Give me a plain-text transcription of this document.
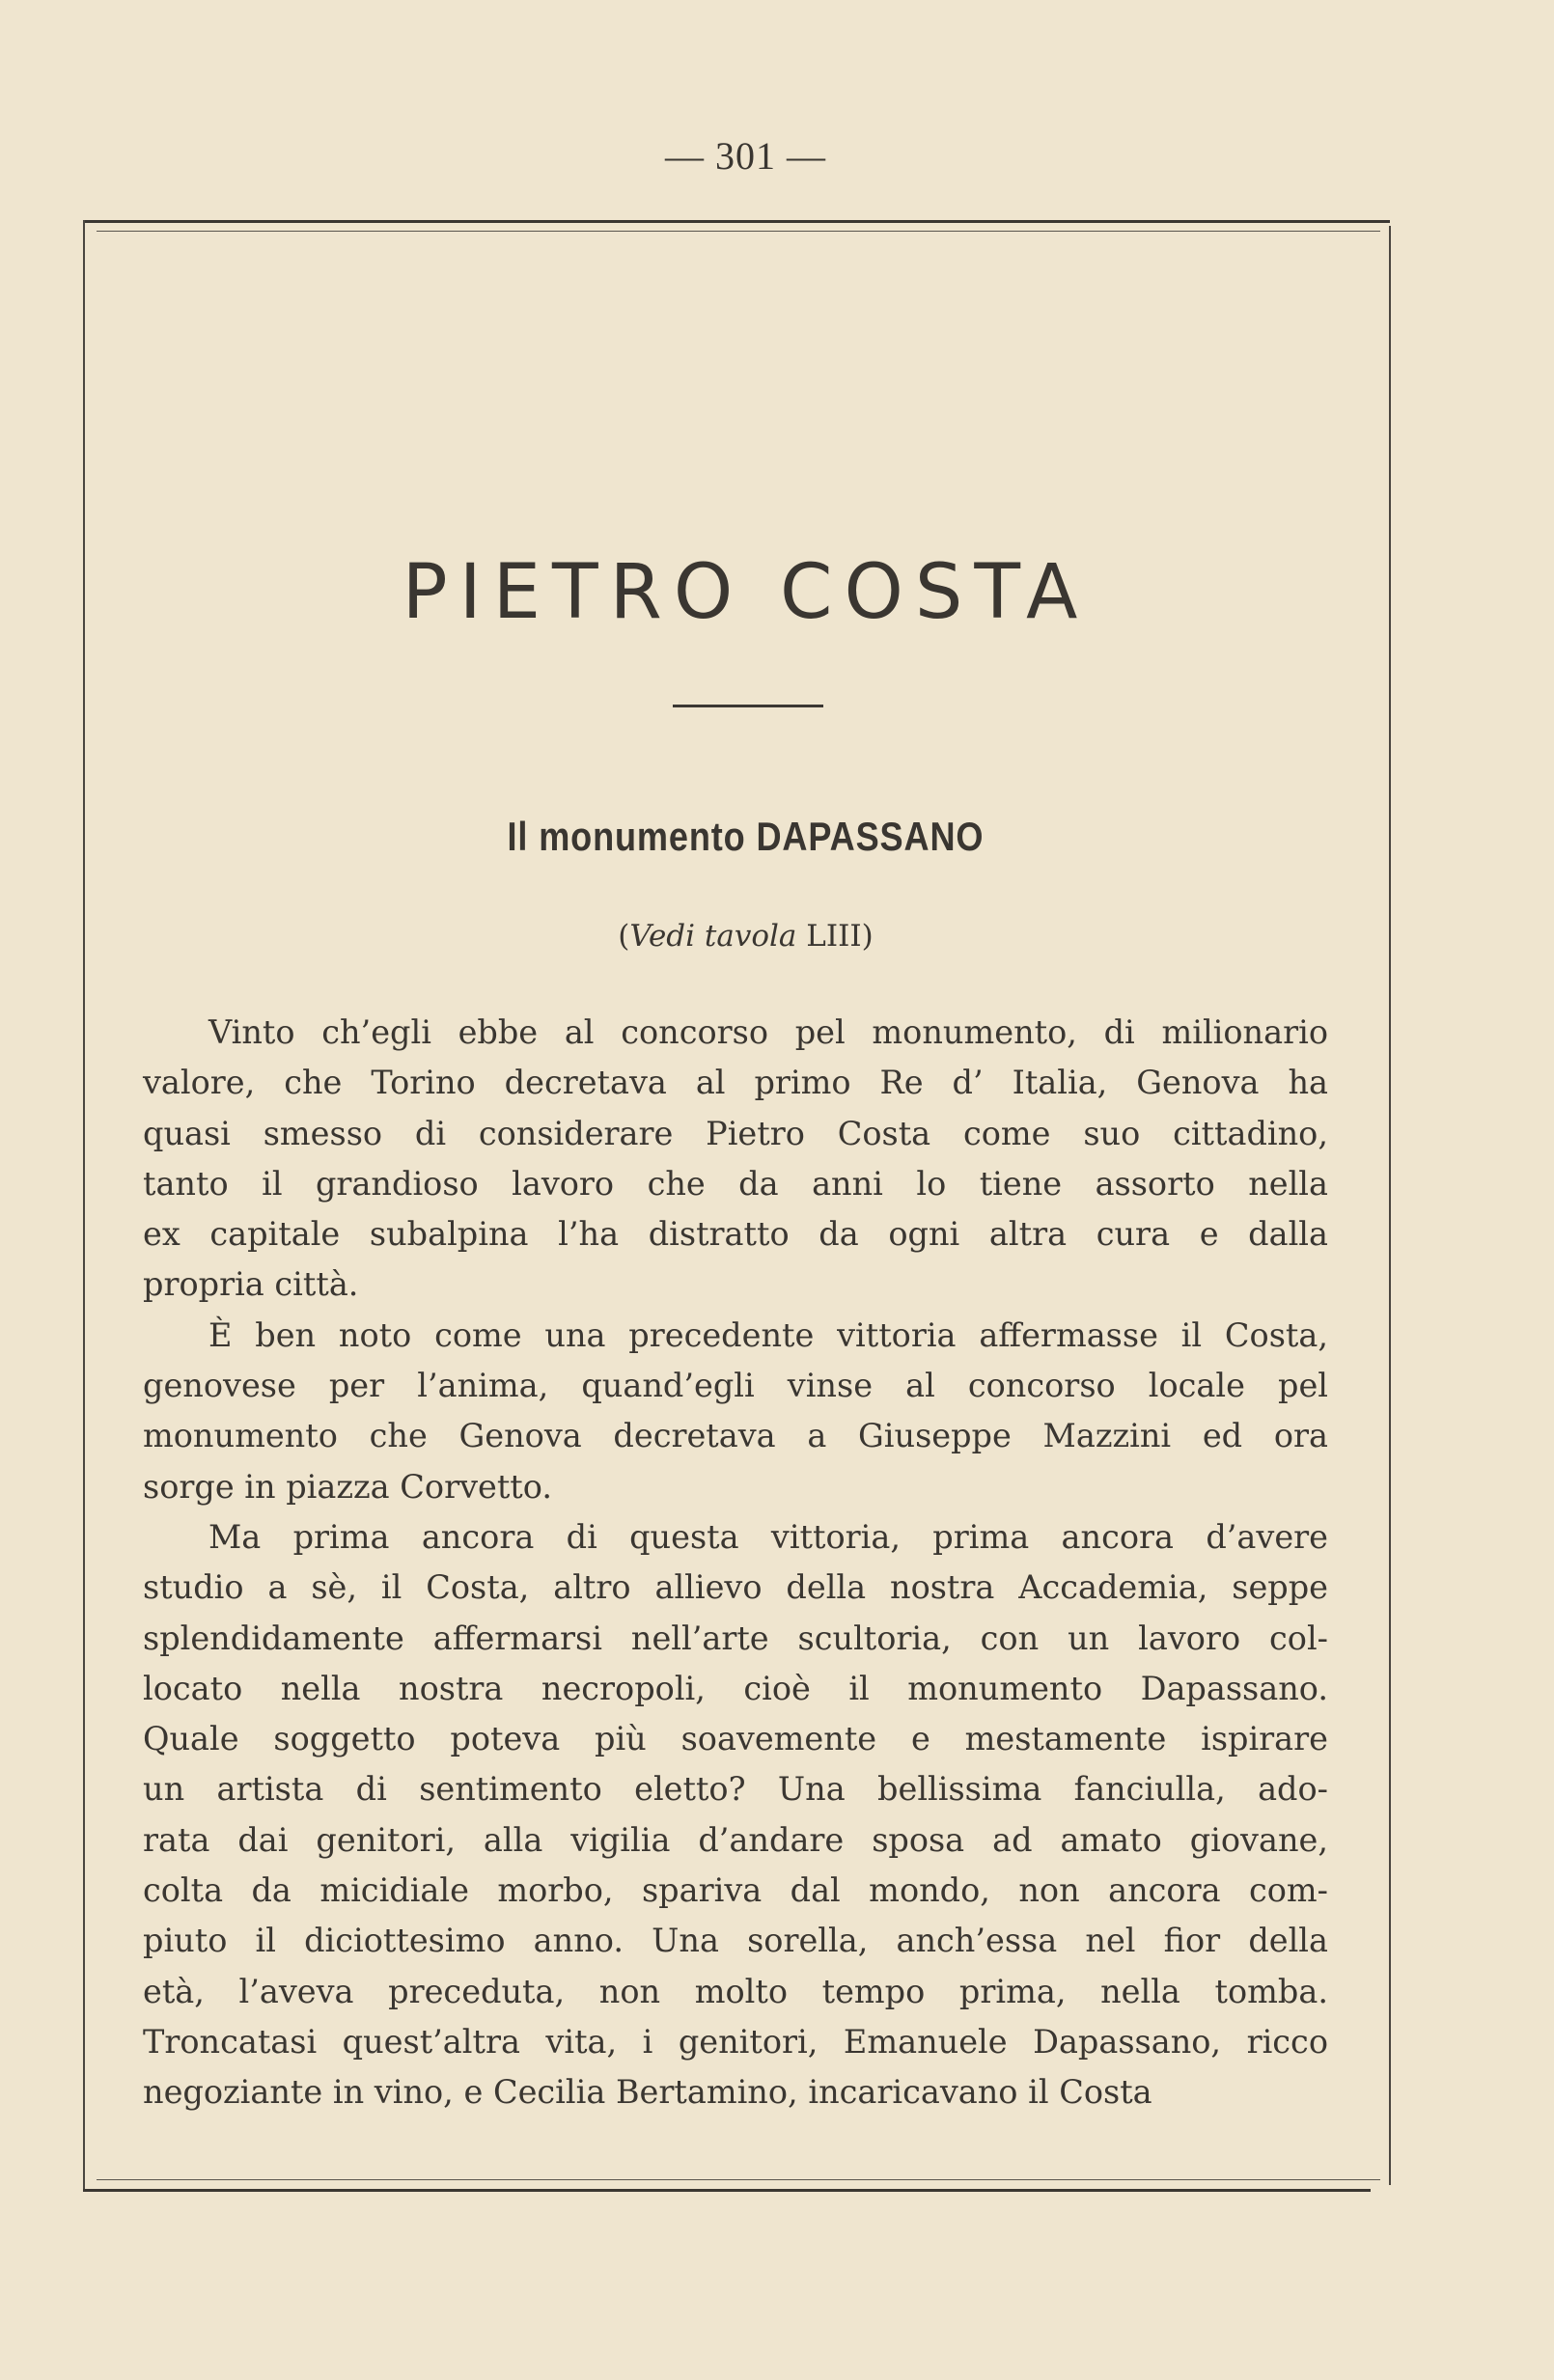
— 301 —
PIETRO COSTA
Il monumento DAPASSANO
(Vedi tavola LIII)
Vinto ch’egli ebbe al concorso pel monumento, di milionario
valore, che Torino decretava al primo Re d’ Italia, Genova ha
quasi smesso di considerare Pietro Costa come suo cittadino,
tanto il grandioso lavoro che da anni lo tiene assorto nella
ex capitale subalpina l’ha distratto da ogni altra cura e dalla
propria città.
È ben noto come una precedente vittoria affermasse il Costa,
genovese per l’anima, quand’egli vinse al concorso locale pel
monumento che Genova decretava a Giuseppe Mazzini ed ora
sorge in piazza Corvetto.
Ma prima ancora di questa vittoria, prima ancora d’avere
studio a sè, il Costa, altro allievo della nostra Accademia, seppe
splendidamente affermarsi nell’arte scultoria, con un lavoro col-
locato nella nostra necropoli, cioè il monumento Dapassano.
Quale soggetto poteva più soavemente e mestamente ispirare
un artista di sentimento eletto? Una bellissima fanciulla, ado-
rata dai genitori, alla vigilia d’andare sposa ad amato giovane,
colta da micidiale morbo, spariva dal mondo, non ancora com-
piuto il diciottesimo anno. Una sorella, anch’essa nel fior della
età, l’aveva preceduta, non molto tempo prima, nella tomba.
Troncatasi quest’altra vita, i genitori, Emanuele Dapassano, ricco
negoziante in vino, e Cecilia Bertamino, incaricavano il Costa
